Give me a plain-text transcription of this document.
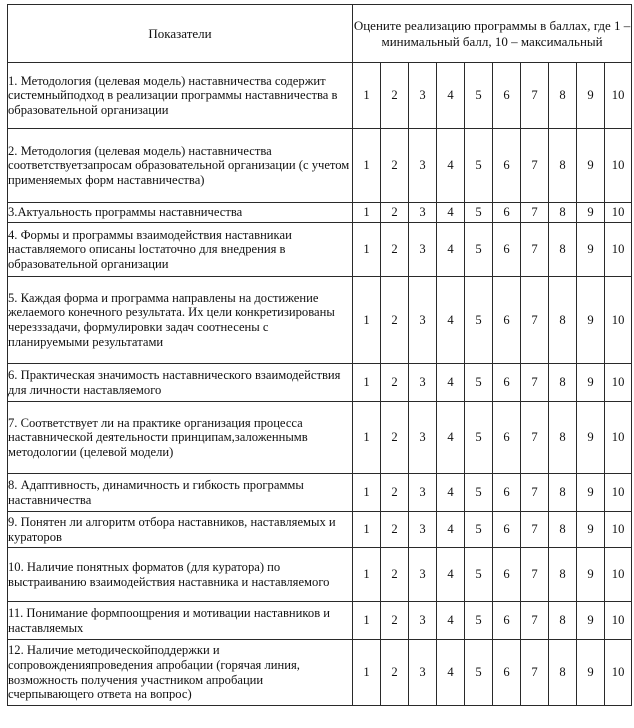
Показатели	Оцените реализацию программы в баллах, где 1 – минимальный балл, 10 – максимальный									
1. Методология (целевая модель) наставничества содержит системныйподход в реализации программы наставничества в образовательной организации	1	2	3	4	5	6	7	8	9	10
2. Методология (целевая модель) наставничества соответствуетзапросам образовательной организации (с учетом применяемых форм наставничества)	1	2	3	4	5	6	7	8	9	10
3.Актуальность программы наставничества	1	2	3	4	5	6	7	8	9	10
4. Формы и программы взаимодействия наставникаи наставляемого описаны lостаточно для внедрения в образовательной организации	1	2	3	4	5	6	7	8	9	10
5. Каждая форма и программа направлены на достижение желаемого конечного результата. Их цели конкретизированы черезззадачи, формулировки задач соотнесены с планируемыми результатами	1	2	3	4	5	6	7	8	9	10
6. Практическая значимость наставнического взаимодействия для личности наставляемого	1	2	3	4	5	6	7	8	9	10
7. Соответствует ли на практике организация процесса наставнической деятельности принципам,заложеннымв методологии (целевой модели)	1	2	3	4	5	6	7	8	9	10
8. Адаптивность, динамичность и гибкость программы наставничества	1	2	3	4	5	6	7	8	9	10
9. Понятен ли алгоритм отбора наставников, наставляемых и кураторов	1	2	3	4	5	6	7	8	9	10
10. Наличие понятных форматов (для куратора) по выстраиванию взаимодействия наставника и наставляемого	1	2	3	4	5	6	7	8	9	10
11. Понимание формпоощрения и мотивации наставников и наставляемых	1	2	3	4	5	6	7	8	9	10
12. Наличие методическойподдержки и сопровожденияпроведения апробации (горячая линия, возможность получения участником апробации счерпывающего ответа на вопрос)	1	2	3	4	5	6	7	8	9	10
